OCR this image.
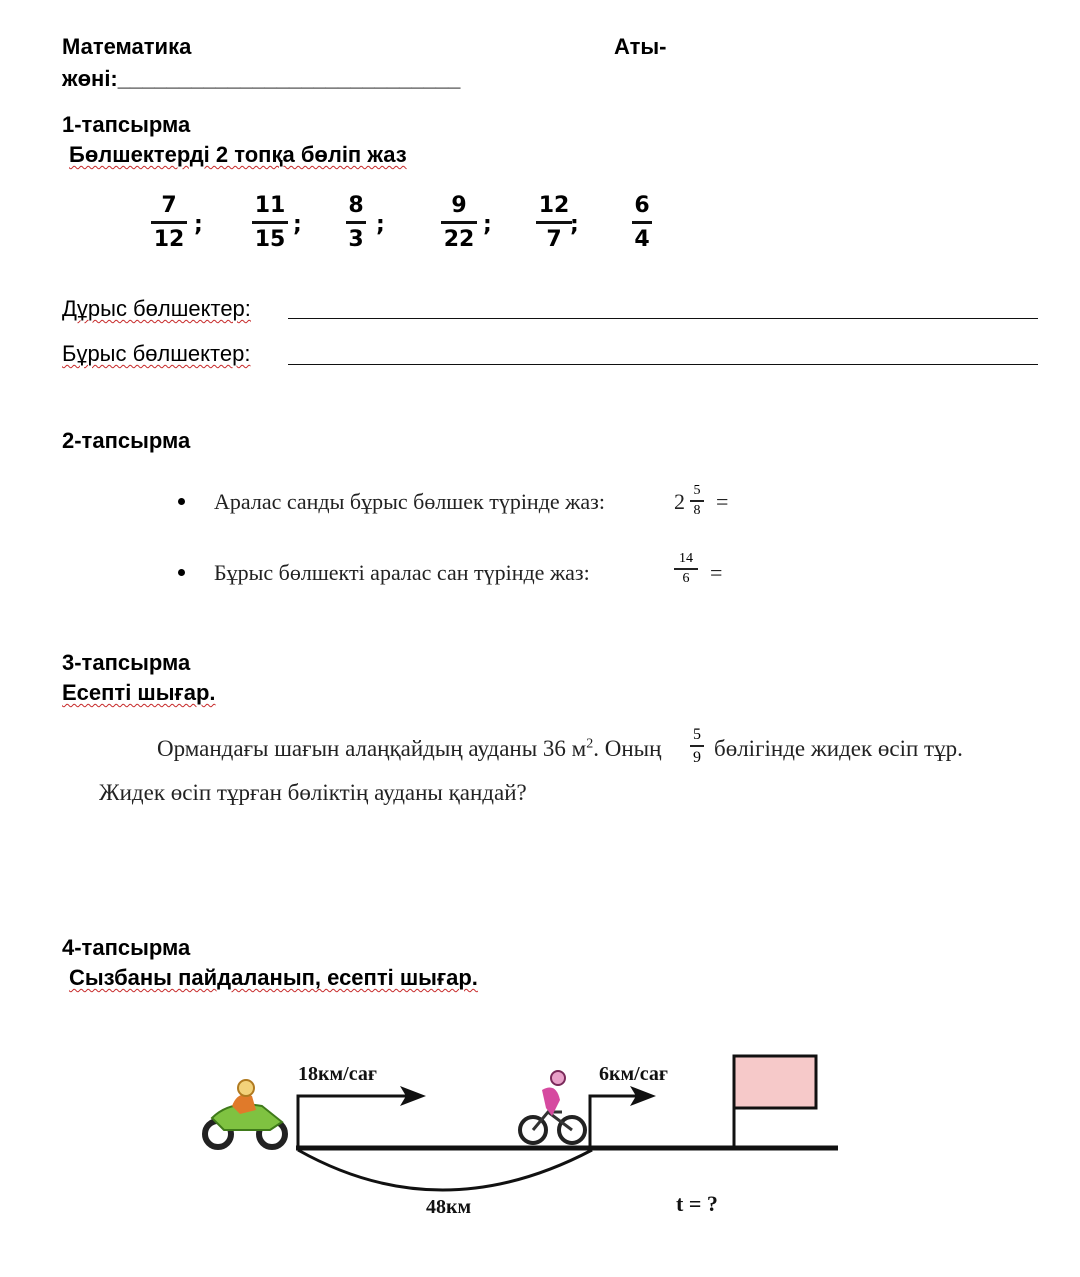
Математика	Аты-
жөні:____________________________
1-тапсырма
Бөлшектерді 2 топқа бөліп жаз
7
12
;
11
15
;
8
3
;
9
22
;
12
7
;
6
4
Дұрыс бөлшектер:
Бұрыс бөлшектер:
2-тапсырма
Аралас санды бұрыс бөлшек түрінде жаз:	2 5
8 =
Бұрыс бөлшекті аралас сан түрінде жаз:
14
6 =
3-тапсырма
Есепті шығар.
Ормандағы шағын алаңқайдың ауданы 36 $м^2$. Оның
5
9 бөлігінде жидек өсіп тұр.
Жидек өсіп тұрған бөліктің ауданы қандай?
4-тапсырма
Сызбаны пайдаланып, есепті шығар.
18км/сағ	6км/сағ
48км	t = ?
